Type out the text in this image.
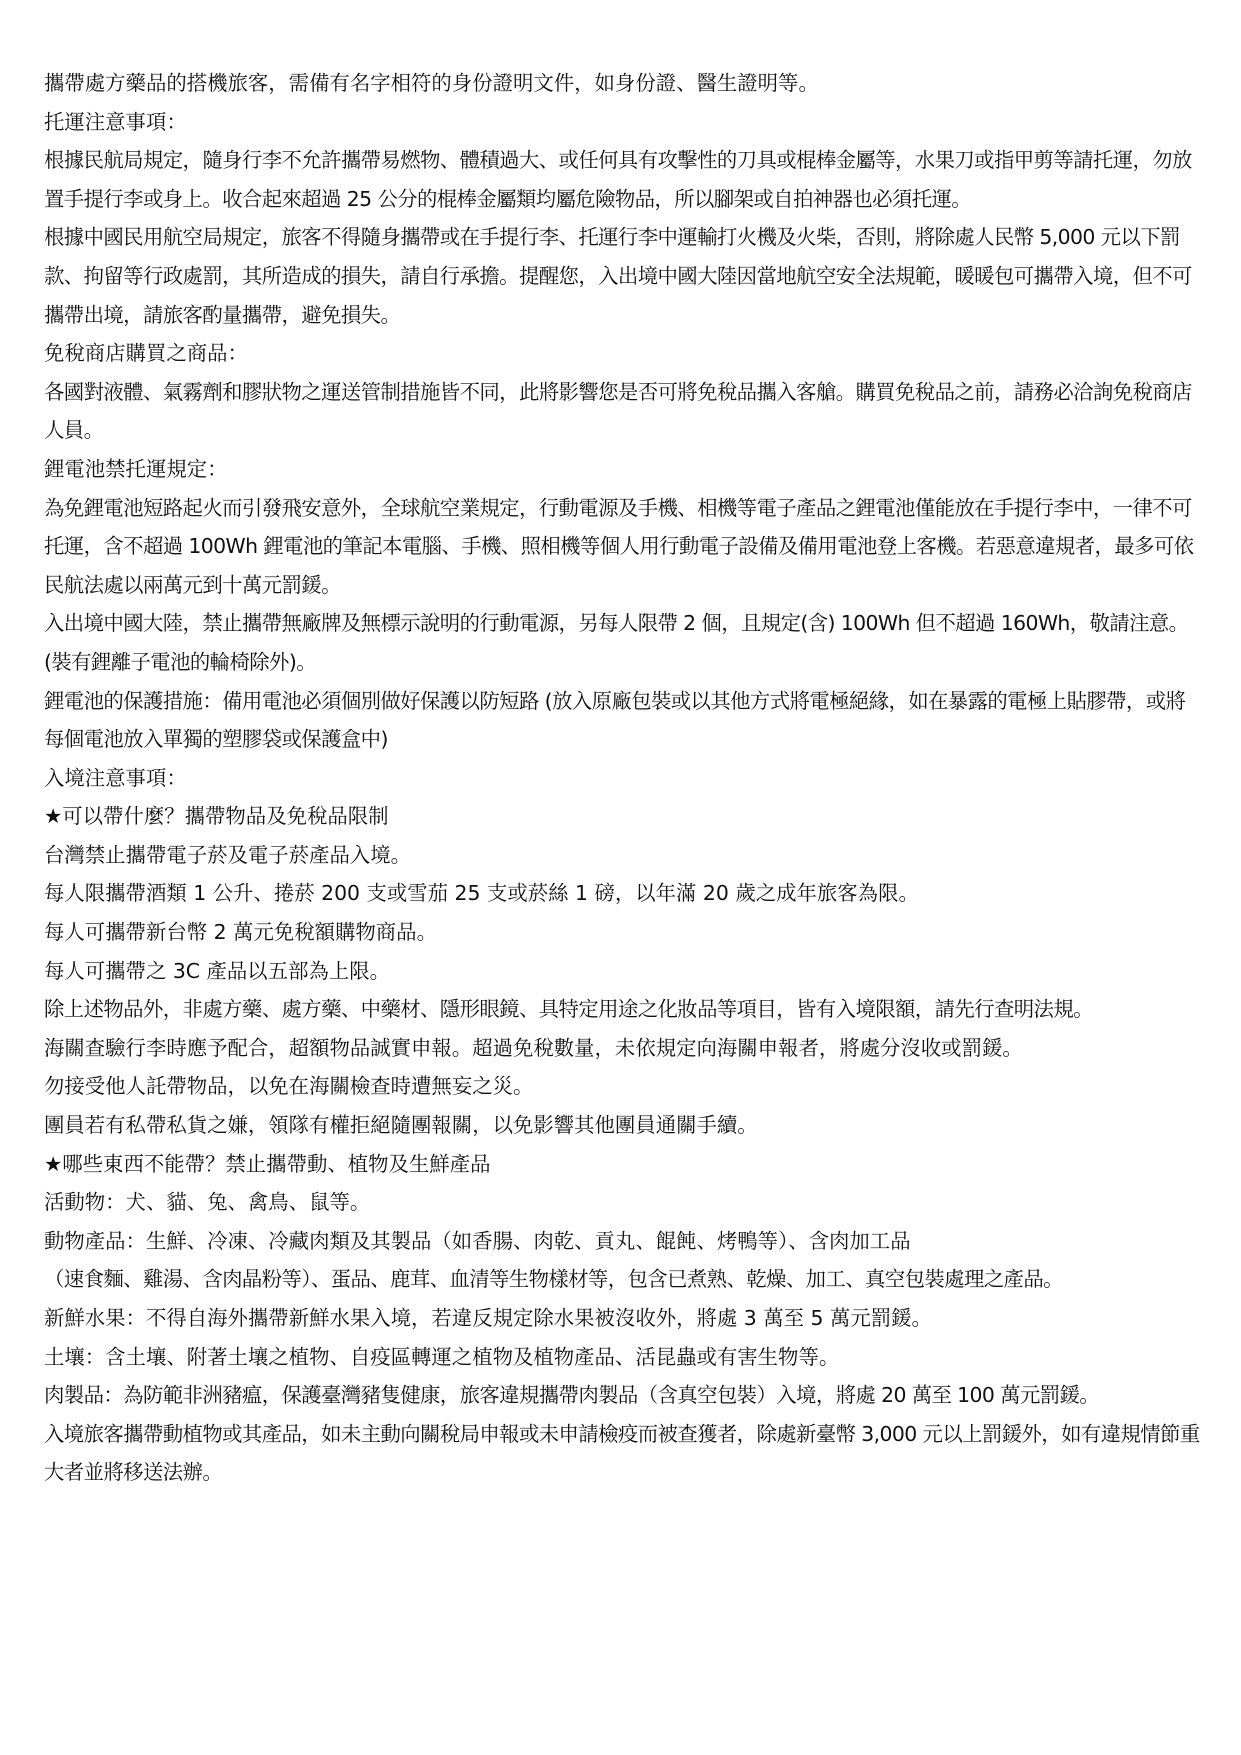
攜帶處方藥品的搭機旅客，需備有名字相符的身份證明文件，如身份證、醫生證明等。

托運注意事項：

根據民航局規定，隨身行李不允許攜帶易燃物、體積過大、或任何具有攻擊性的刀具或棍棒金屬等，水果刀或指甲剪等請托運，勿放置手提行李或身上。收合起來超過 25 公分的棍棒金屬類均屬危險物品，所以腳架或自拍神器也必須托運。

根據中國民用航空局規定，旅客不得隨身攜帶或在手提行李、托運行李中運輸打火機及火柴，否則，將除處人民幣 5,000 元以下罰款、拘留等行政處罰，其所造成的損失，請自行承擔。提醒您，入出境中國大陸因當地航空安全法規範，暖暖包可攜帶入境，但不可攜帶出境，請旅客酌量攜帶，避免損失。

免稅商店購買之商品：

各國對液體、氣霧劑和膠狀物之運送管制措施皆不同，此將影響您是否可將免稅品攜入客艙。購買免稅品之前，請務必洽詢免稅商店人員。

鋰電池禁托運規定：

為免鋰電池短路起火而引發飛安意外，全球航空業規定，行動電源及手機、相機等電子產品之鋰電池僅能放在手提行李中，一律不可托運，含不超過 100Wh 鋰電池的筆記本電腦、手機、照相機等個人用行動電子設備及備用電池登上客機。若惡意違規者，最多可依民航法處以兩萬元到十萬元罰鍰。

入出境中國大陸，禁止攜帶無廠牌及無標示說明的行動電源，另每人限帶 2 個，且規定(含) 100Wh 但不超過 160Wh，敬請注意。 (裝有鋰離子電池的輪椅除外)。

鋰電池的保護措施：備用電池必須個別做好保護以防短路 (放入原廠包裝或以其他方式將電極絕緣，如在暴露的電極上貼膠帶，或將每個電池放入單獨的塑膠袋或保護盒中)

入境注意事項：

★可以帶什麼？攜帶物品及免稅品限制

台灣禁止攜帶電子菸及電子菸產品入境。

每人限攜帶酒類 1 公升、捲菸 200 支或雪茄 25 支或菸絲 1 磅，以年滿 20 歲之成年旅客為限。

每人可攜帶新台幣 2 萬元免稅額購物商品。

每人可攜帶之 3C 產品以五部為上限。

除上述物品外，非處方藥、處方藥、中藥材、隱形眼鏡、具特定用途之化妝品等項目，皆有入境限額，請先行查明法規。

海關查驗行李時應予配合，超額物品誠實申報。超過免稅數量，未依規定向海關申報者，將處分沒收或罰鍰。

勿接受他人託帶物品，以免在海關檢查時遭無妄之災。

團員若有私帶私貨之嫌，領隊有權拒絕隨團報關，以免影響其他團員通關手續。

★哪些東西不能帶？禁止攜帶動、植物及生鮮產品

活動物：犬、貓、兔、禽鳥、鼠等。

動物產品：生鮮、冷凍、冷藏肉類及其製品（如香腸、肉乾、貢丸、餛飩、烤鴨等）、含肉加工品

（速食麵、雞湯、含肉晶粉等）、蛋品、鹿茸、血清等生物樣材等，包含已煮熟、乾燥、加工、真空包裝處理之產品。

新鮮水果：不得自海外攜帶新鮮水果入境，若違反規定除水果被沒收外，將處 3 萬至 5 萬元罰鍰。

土壤：含土壤、附著土壤之植物、自疫區轉運之植物及植物產品、活昆蟲或有害生物等。

肉製品：為防範非洲豬瘟，保護臺灣豬隻健康，旅客違規攜帶肉製品（含真空包裝）入境，將處 20 萬至 100 萬元罰鍰。

入境旅客攜帶動植物或其產品，如未主動向關稅局申報或未申請檢疫而被查獲者，除處新臺幣 3,000 元以上罰鍰外，如有違規情節重大者並將移送法辦。
